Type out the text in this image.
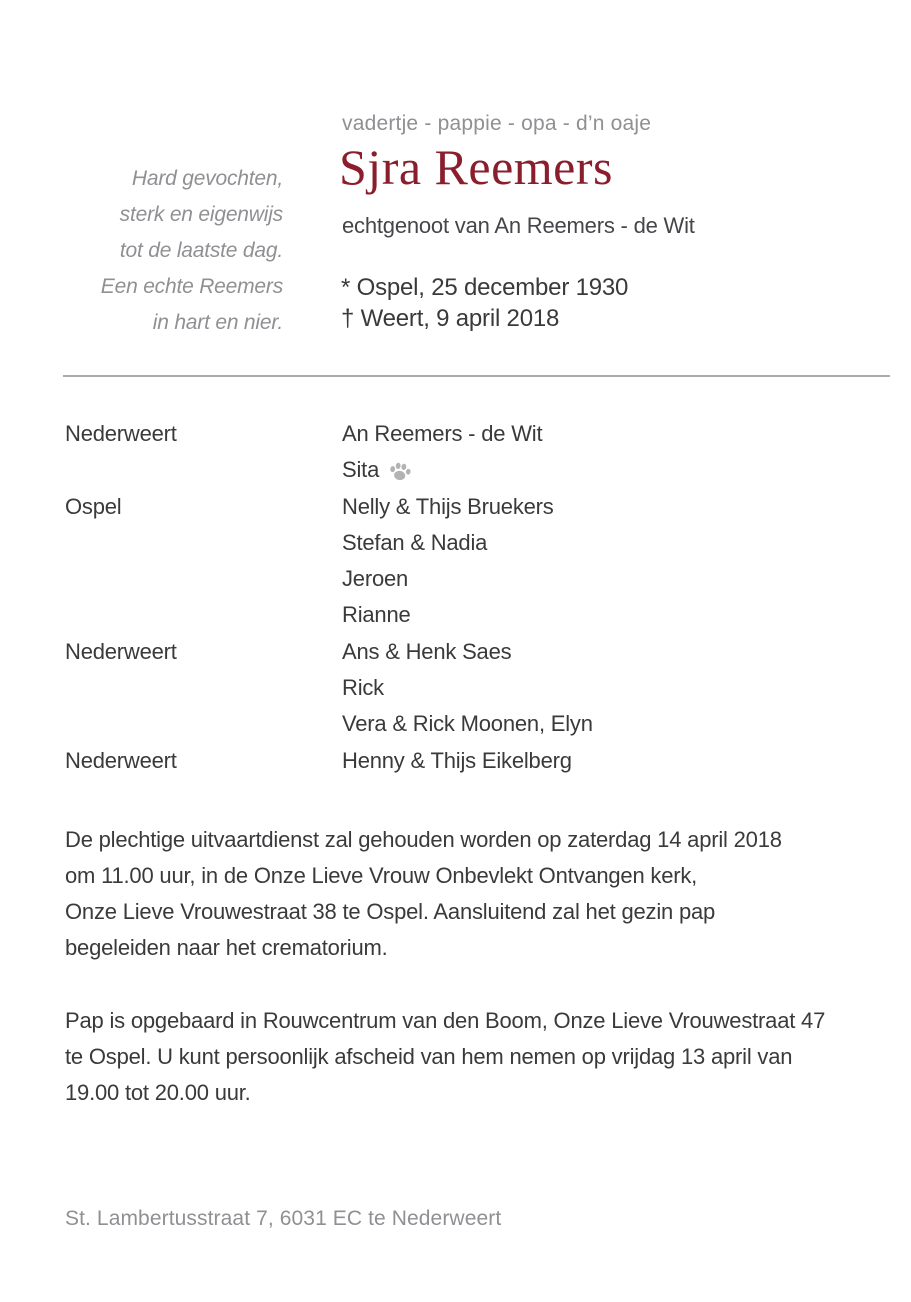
vadertje - pappie - opa - d’n oaje
Sjra Reemers
echtgenoot van An Reemers - de Wit
Hard gevochten,
sterk en eigenwijs
tot de laatste dag.
Een echte Reemers
in hart en nier.
* Ospel, 25 december 1930
† Weert, 9 april 2018
Nederweert	An Reemers - de Wit
Sita
Ospel	Nelly & Thijs Bruekers
Stefan & Nadia
Jeroen
Rianne
Nederweert	Ans & Henk Saes
Rick
Vera & Rick Moonen, Elyn
Nederweert	Henny & Thijs Eikelberg
De plechtige uitvaartdienst zal gehouden worden op zaterdag 14 april 2018
om 11.00 uur, in de Onze Lieve Vrouw Onbevlekt Ontvangen kerk,
Onze Lieve Vrouwestraat 38 te Ospel. Aansluitend zal het gezin pap
begeleiden naar het crematorium.
Pap is opgebaard in Rouwcentrum van den Boom, Onze Lieve Vrouwestraat 47
te Ospel. U kunt persoonlijk afscheid van hem nemen op vrijdag 13 april van
19.00 tot 20.00 uur.
St. Lambertusstraat 7, 6031 EC te Nederweert
